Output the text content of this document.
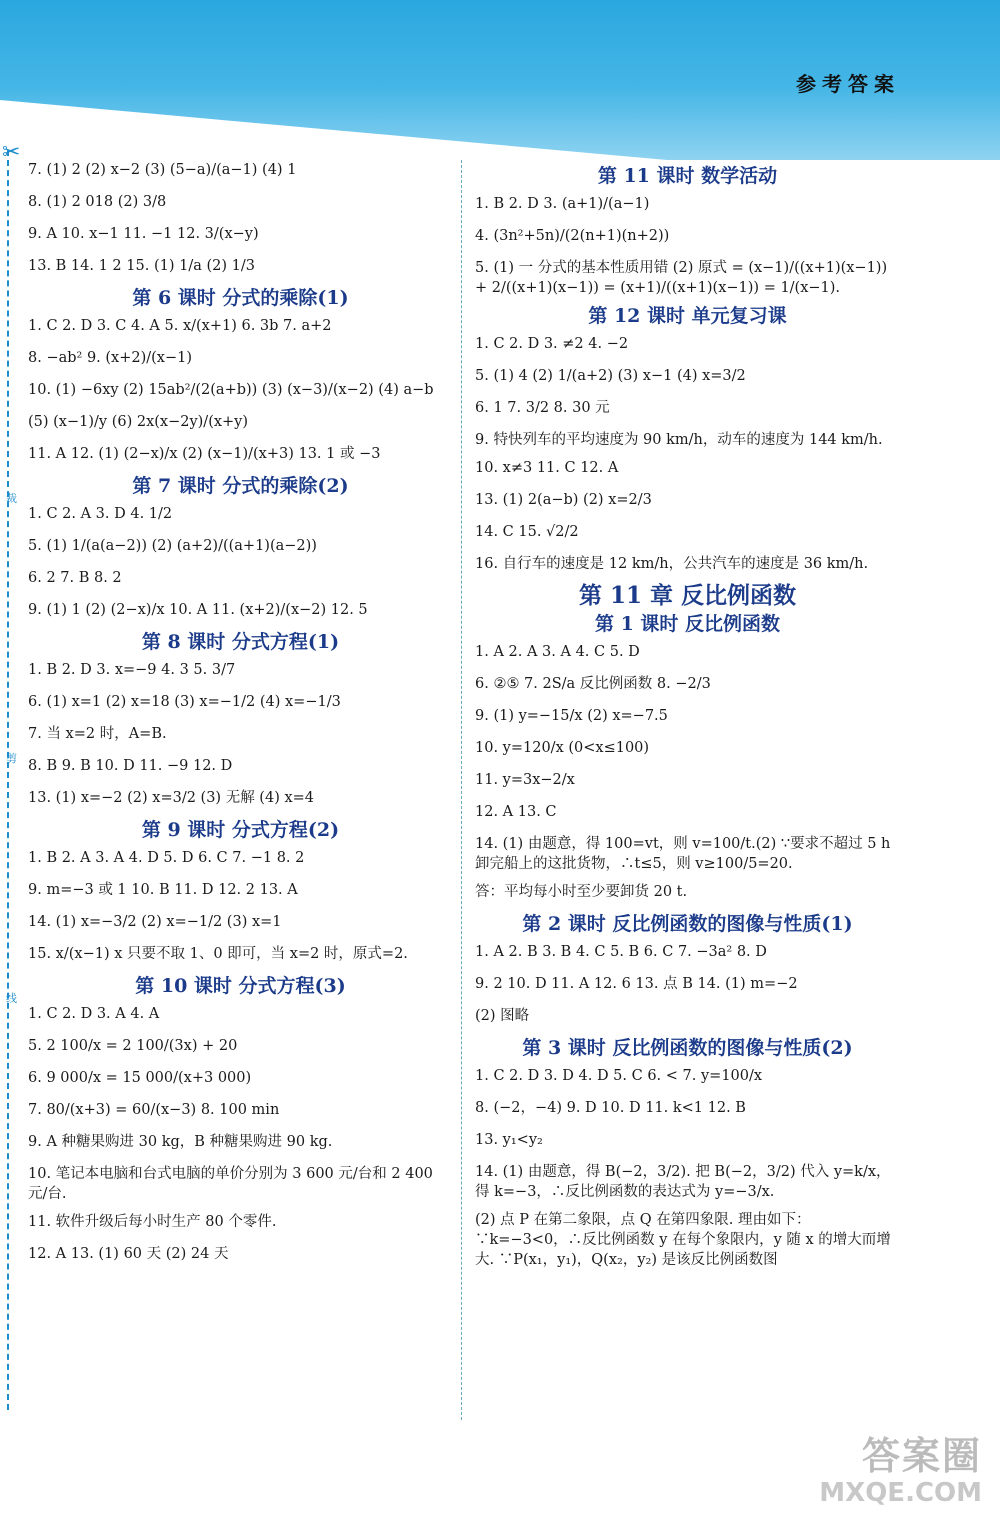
参考答案
✂
裁
剪
线
7. (1) 2 (2) x−2 (3) (5−a)/(a−1) (4) 1
8. (1) 2 018 (2) 3/8
9. A 10. x−1 11. −1 12. 3/(x−y)
13. B 14. 1 2 15. (1) 1/a (2) 1/3
第 6 课时 分式的乘除(1)
1. C 2. D 3. C 4. A 5. x/(x+1) 6. 3b 7. a+2
8. −ab² 9. (x+2)/(x−1)
10. (1) −6xy (2) 15ab²/(2(a+b)) (3) (x−3)/(x−2) (4) a−b
(5) (x−1)/y (6) 2x(x−2y)/(x+y)
11. A 12. (1) (2−x)/x (2) (x−1)/(x+3) 13. 1 或 −3
第 7 课时 分式的乘除(2)
1. C 2. A 3. D 4. 1/2
5. (1) 1/(a(a−2)) (2) (a+2)/((a+1)(a−2))
6. 2 7. B 8. 2
9. (1) 1 (2) (2−x)/x 10. A 11. (x+2)/(x−2) 12. 5
第 8 课时 分式方程(1)
1. B 2. D 3. x=−9 4. 3 5. 3/7
6. (1) x=1 (2) x=18 (3) x=−1/2 (4) x=−1/3
7. 当 x=2 时，A=B.
8. B 9. B 10. D 11. −9 12. D
13. (1) x=−2 (2) x=3/2 (3) 无解 (4) x=4
第 9 课时 分式方程(2)
1. B 2. A 3. A 4. D 5. D 6. C 7. −1 8. 2
9. m=−3 或 1 10. B 11. D 12. 2 13. A
14. (1) x=−3/2 (2) x=−1/2 (3) x=1
15. x/(x−1) x 只要不取 1、0 即可，当 x=2 时，原式=2.
第 10 课时 分式方程(3)
1. C 2. D 3. A 4. A
5. 2 100/x = 2 100/(3x) + 20
6. 9 000/x = 15 000/(x+3 000)
7. 80/(x+3) = 60/(x−3) 8. 100 min
9. A 种糖果购进 30 kg，B 种糖果购进 90 kg.
10. 笔记本电脑和台式电脑的单价分别为 3 600 元/台和 2 400 元/台.
11. 软件升级后每小时生产 80 个零件.
12. A 13. (1) 60 天 (2) 24 天
第 11 课时 数学活动
1. B 2. D 3. (a+1)/(a−1)
4. (3n²+5n)/(2(n+1)(n+2))
5. (1) 一 分式的基本性质用错 (2) 原式 = (x−1)/((x+1)(x−1)) + 2/((x+1)(x−1)) = (x+1)/((x+1)(x−1)) = 1/(x−1).
第 12 课时 单元复习课
1. C 2. D 3. ≠2 4. −2
5. (1) 4 (2) 1/(a+2) (3) x−1 (4) x=3/2
6. 1 7. 3/2 8. 30 元
9. 特快列车的平均速度为 90 km/h，动车的速度为 144 km/h.
10. x≠3 11. C 12. A
13. (1) 2(a−b) (2) x=2/3
14. C 15. √2/2
16. 自行车的速度是 12 km/h，公共汽车的速度是 36 km/h.
第 11 章 反比例函数
第 1 课时 反比例函数
1. A 2. A 3. A 4. C 5. D
6. ②⑤ 7. 2S/a 反比例函数 8. −2/3
9. (1) y=−15/x (2) x=−7.5
10. y=120/x (0<x≤100)
11. y=3x−2/x
12. A 13. C
14. (1) 由题意，得 100=vt，则 v=100/t.(2) ∵要求不超过 5 h 卸完船上的这批货物，∴t≤5，则 v≥100/5=20.
答：平均每小时至少要卸货 20 t.
第 2 课时 反比例函数的图像与性质(1)
1. A 2. B 3. B 4. C 5. B 6. C 7. −3a² 8. D
9. 2 10. D 11. A 12. 6 13. 点 B 14. (1) m=−2
(2) 图略
第 3 课时 反比例函数的图像与性质(2)
1. C 2. D 3. D 4. D 5. C 6. < 7. y=100/x
8. (−2，−4) 9. D 10. D 11. k<1 12. B
13. y₁<y₂
14. (1) 由题意，得 B(−2，3/2). 把 B(−2，3/2) 代入 y=k/x，得 k=−3，∴反比例函数的表达式为 y=−3/x.
(2) 点 P 在第二象限，点 Q 在第四象限. 理由如下：∵k=−3<0，∴反比例函数 y 在每个象限内，y 随 x 的增大而增大. ∵P(x₁，y₁)，Q(x₂，y₂) 是该反比例函数图
答案圈
MXQE.COM
